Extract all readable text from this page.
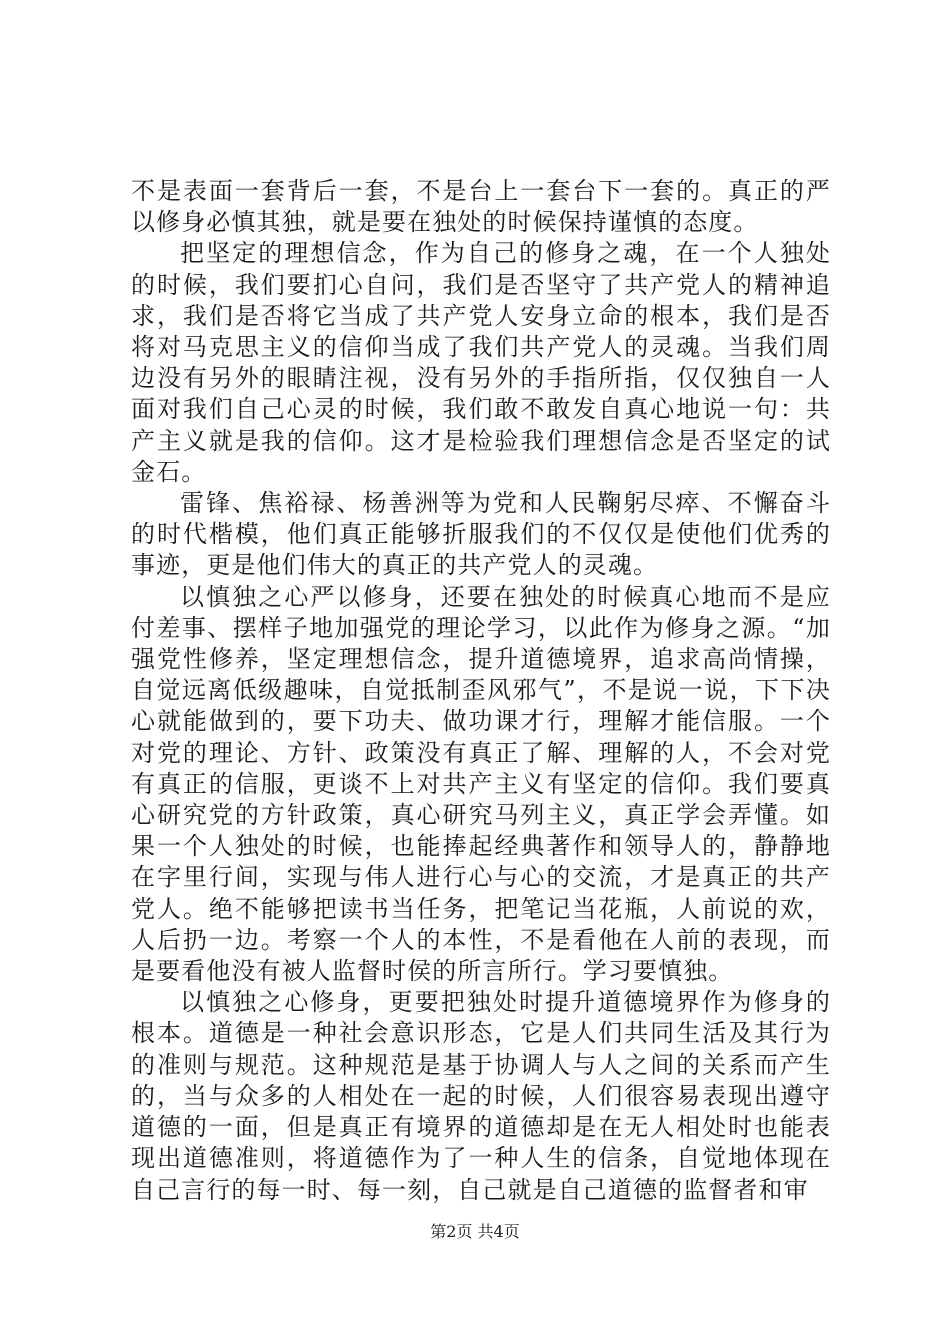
不是表面一套背后一套，不是台上一套台下一套的。真正的严以修身必慎其独，就是要在独处的时候保持谨慎的态度。

把坚定的理想信念，作为自己的修身之魂，在一个人独处的时候，我们要扪心自问，我们是否坚守了共产党人的精神追求，我们是否将它当成了共产党人安身立命的根本，我们是否将对马克思主义的信仰当成了我们共产党人的灵魂。当我们周边没有另外的眼睛注视，没有另外的手指所指，仅仅独自一人面对我们自己心灵的时候，我们敢不敢发自真心地说一句：共产主义就是我的信仰。这才是检验我们理想信念是否坚定的试金石。

雷锋、焦裕禄、杨善洲等为党和人民鞠躬尽瘁、不懈奋斗的时代楷模，他们真正能够折服我们的不仅仅是使他们优秀的事迹，更是他们伟大的真正的共产党人的灵魂。

以慎独之心严以修身，还要在独处的时候真心地而不是应付差事、摆样子地加强党的理论学习，以此作为修身之源。“加强党性修养，坚定理想信念，提升道德境界，追求高尚情操，自觉远离低级趣味，自觉抵制歪风邪气”，不是说一说，下下决心就能做到的，要下功夫、做功课才行，理解才能信服。一个对党的理论、方针、政策没有真正了解、理解的人，不会对党有真正的信服，更谈不上对共产主义有坚定的信仰。我们要真心研究党的方针政策，真心研究马列主义，真正学会弄懂。如果一个人独处的时候，也能捧起经典著作和领导人的，静静地在字里行间，实现与伟人进行心与心的交流，才是真正的共产党人。绝不能够把读书当任务，把笔记当花瓶，人前说的欢，人后扔一边。考察一个人的本性，不是看他在人前的表现，而是要看他没有被人监督时侯的所言所行。学习要慎独。

以慎独之心修身，更要把独处时提升道德境界作为修身的根本。道德是一种社会意识形态，它是人们共同生活及其行为的准则与规范。这种规范是基于协调人与人之间的关系而产生的，当与众多的人相处在一起的时候，人们很容易表现出遵守道德的一面，但是真正有境界的道德却是在无人相处时也能表现出道德准则，将道德作为了一种人生的信条，自觉地体现在自己言行的每一时、每一刻，自己就是自己道德的监督者和审

第2页 共4页
